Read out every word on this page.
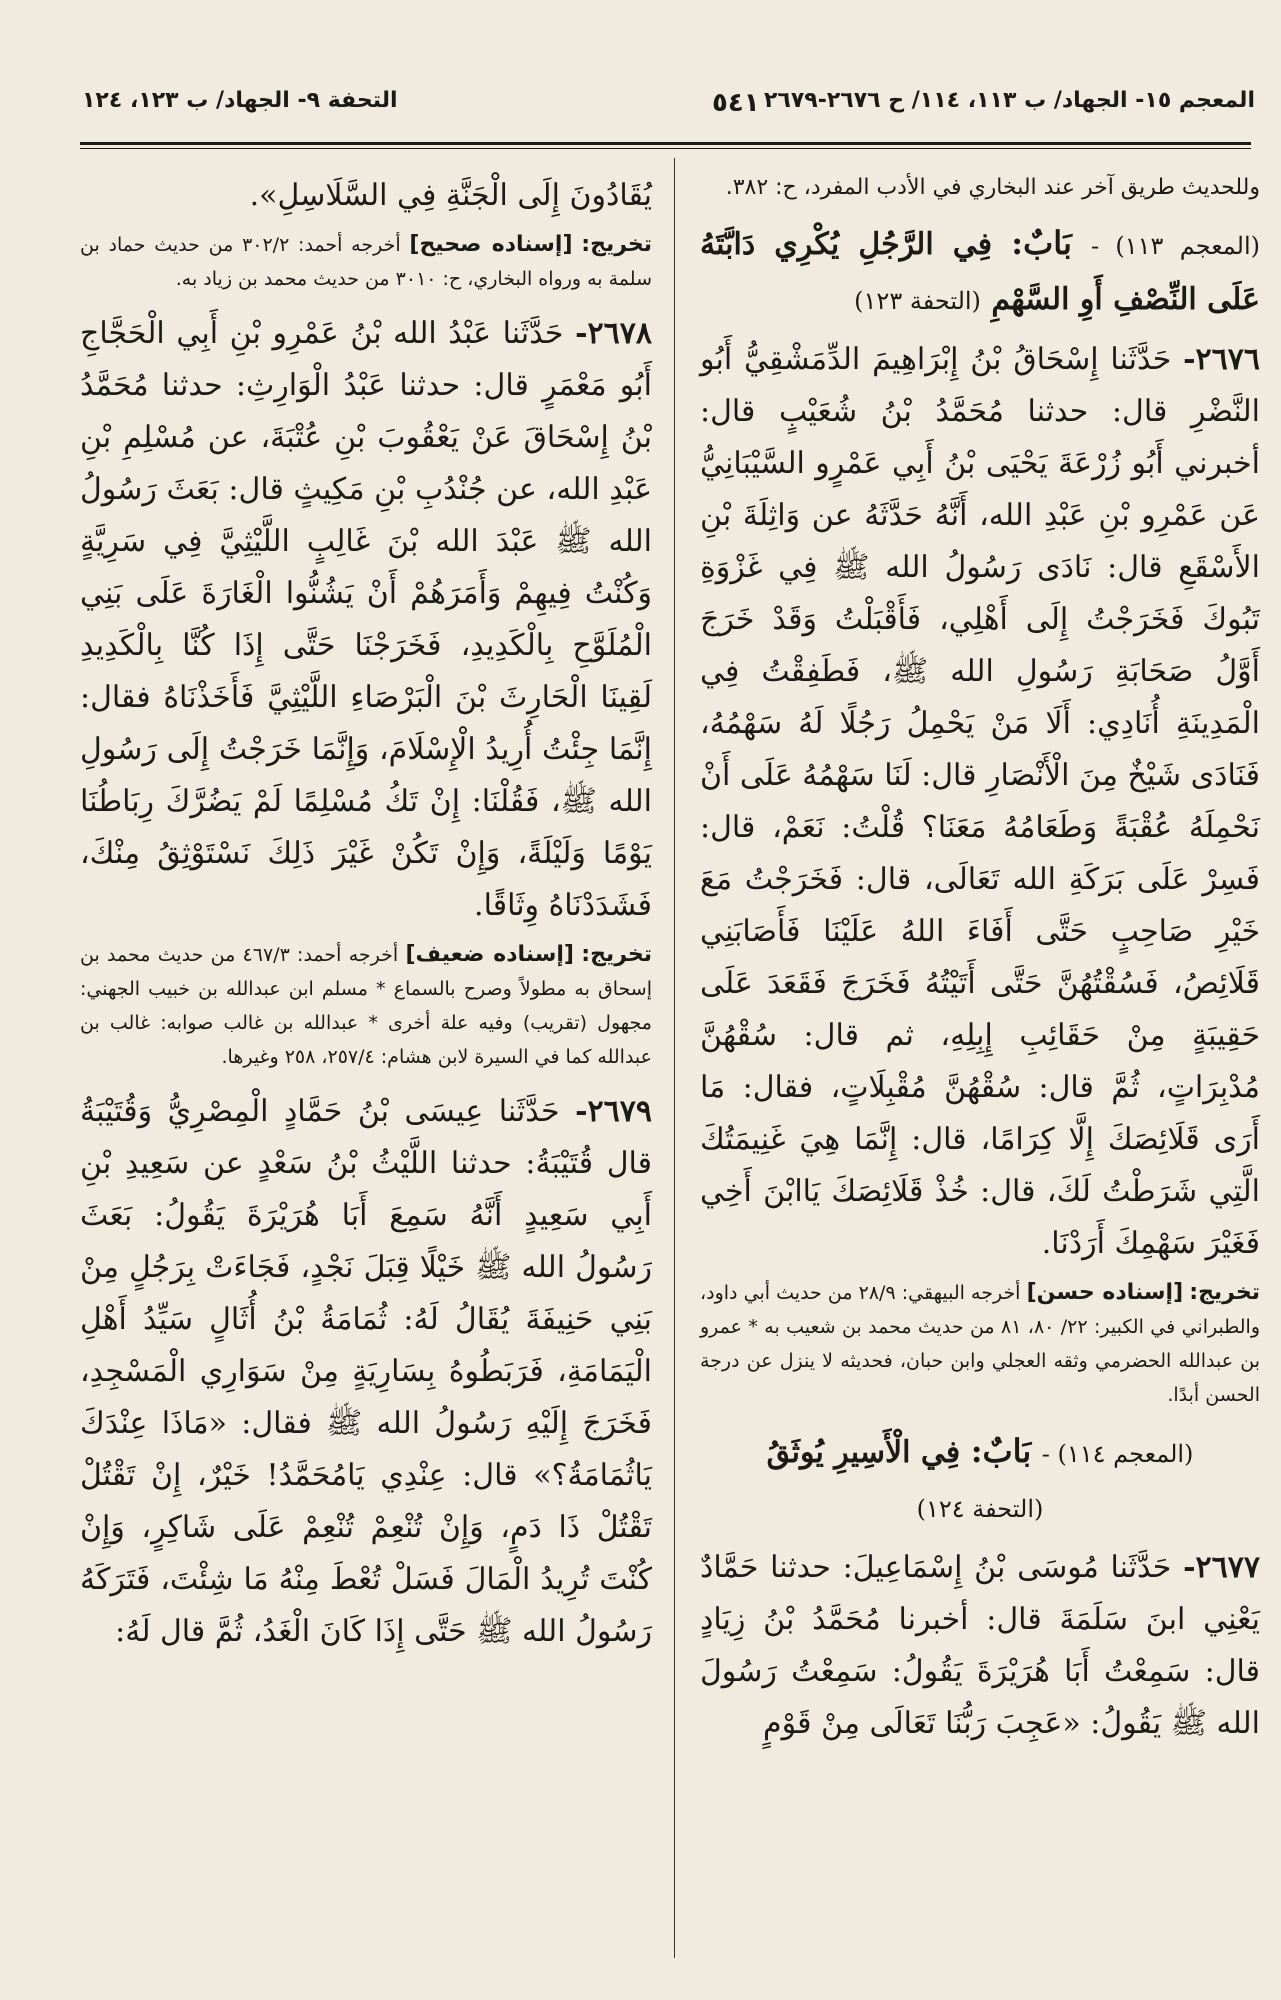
المعجم ١٥- الجهاد/ ب ١١٣، ١١٤/ ح ٢٦٧٦-٢٦٧٩
٥٤١
التحفة ٩- الجهاد/ ب ١٢٣، ١٢٤

وللحديث طريق آخر عند البخاري في الأدب المفرد، ح: ٣٨٢.

(المعجم ١١٣) - بَابٌ: فِي الرَّجُلِ يُكْرِي دَابَّتَهُ عَلَى النِّصْفِ أَوِ السَّهْمِ (التحفة ١٢٣)

٢٦٧٦- حَدَّثَنا إِسْحَاقُ بْنُ إِبْرَاهِيمَ الدِّمَشْقِيُّ أَبُو النَّضْرِ قال: حدثنا مُحَمَّدُ بْنُ شُعَيْبٍ قال: أخبرني أَبُو زُرْعَةَ يَحْيَى بْنُ أَبِي عَمْرٍو السَّيْبَانِيُّ عَن عَمْرِو بْنِ عَبْدِ الله، أَنَّهُ حَدَّثَهُ عن وَاثِلَةَ بْنِ الأَسْقَعِ قال: نَادَى رَسُولُ الله ﷺ فِي غَزْوَةِ تَبُوكَ فَخَرَجْتُ إِلَى أَهْلِي، فَأَقْبَلْتُ وَقَدْ خَرَجَ أَوَّلُ صَحَابَةِ رَسُولِ الله ﷺ، فَطَفِقْتُ فِي الْمَدِينَةِ أُنَادِي: أَلَا مَنْ يَحْمِلُ رَجُلًا لَهُ سَهْمُهُ، فَنَادَى شَيْخٌ مِنَ الْأَنْصَارِ قال: لَنَا سَهْمُهُ عَلَى أَنْ نَحْمِلَهُ عُقْبَةً وَطَعَامُهُ مَعَنَا؟ قُلْتُ: نَعَمْ، قال: فَسِرْ عَلَى بَرَكَةِ الله تَعَالَى، قال: فَخَرَجْتُ مَعَ خَيْرِ صَاحِبٍ حَتَّى أَفَاءَ اللهُ عَلَيْنَا فَأَصَابَنِي قَلَائِصُ، فَسُقْتُهُنَّ حَتَّى أَتَيْتُهُ فَخَرَجَ فَقَعَدَ عَلَى حَقِيبَةٍ مِنْ حَقَائِبِ إِبِلِهِ، ثم قال: سُقْهُنَّ مُدْبِرَاتٍ، ثُمَّ قال: سُقْهُنَّ مُقْبِلَاتٍ، فقال: مَا أَرَى قَلَائِصَكَ إِلَّا كِرَامًا، قال: إِنَّمَا هِيَ غَنِيمَتُكَ الَّتِي شَرَطْتُ لَكَ، قال: خُذْ قَلَائِصَكَ يَاابْنَ أَخِي فَغَيْرَ سَهْمِكَ أَرَدْنَا.

تخريج: [إسناده حسن] أخرجه البيهقي: ٢٨/٩ من حديث أبي داود، والطبراني في الكبير: ٢٢/ ٨٠، ٨١ من حديث محمد بن شعيب به * عمرو بن عبدالله الحضرمي وثقه العجلي وابن حبان، فحديثه لا ينزل عن درجة الحسن أبدًا.

(المعجم ١١٤) - بَابٌ: فِي الْأَسِيرِ يُوثَقُ
(التحفة ١٢٤)

٢٦٧٧- حَدَّثَنا مُوسَى بْنُ إِسْمَاعِيلَ: حدثنا حَمَّادٌ يَعْنِي ابنَ سَلَمَةَ قال: أخبرنا مُحَمَّدُ بْنُ زِيَادٍ قال: سَمِعْتُ أَبَا هُرَيْرَةَ يَقُولُ: سَمِعْتُ رَسُولَ الله ﷺ يَقُولُ: «عَجِبَ رَبُّنَا تَعَالَى مِنْ قَوْمٍ

يُقَادُونَ إِلَى الْجَنَّةِ فِي السَّلَاسِلِ».

تخريج: [إسناده صحيح] أخرجه أحمد: ٣٠٢/٢ من حديث حماد بن سلمة به ورواه البخاري، ح: ٣٠١٠ من حديث محمد بن زياد به.

٢٦٧٨- حَدَّثَنا عَبْدُ الله بْنُ عَمْرِو بْنِ أَبِي الْحَجَّاجِ أَبُو مَعْمَرٍ قال: حدثنا عَبْدُ الْوَارِثِ: حدثنا مُحَمَّدُ بْنُ إِسْحَاقَ عَنْ يَعْقُوبَ بْنِ عُتْبَةَ، عن مُسْلِمِ بْنِ عَبْدِ الله، عن جُنْدُبِ بْنِ مَكِيثٍ قال: بَعَثَ رَسُولُ الله ﷺ عَبْدَ الله بْنَ غَالِبٍ اللَّيْثِيَّ فِي سَرِيَّةٍ وَكُنْتُ فِيهِمْ وَأَمَرَهُمْ أَنْ يَشُنُّوا الْغَارَةَ عَلَى بَنِي الْمُلَوَّحِ بِالْكَدِيدِ، فَخَرَجْنَا حَتَّى إِذَا كُنَّا بِالْكَدِيدِ لَقِينَا الْحَارِثَ بْنَ الْبَرْصَاءِ اللَّيْثِيَّ فَأَخَذْنَاهُ فقال: إِنَّمَا جِئْتُ أُرِيدُ الْإِسْلَامَ، وَإِنَّمَا خَرَجْتُ إِلَى رَسُولِ الله ﷺ، فَقُلْنَا: إِنْ تَكُ مُسْلِمًا لَمْ يَضُرَّكَ رِبَاطُنَا يَوْمًا وَلَيْلَةً، وَإِنْ تَكُنْ غَيْرَ ذَلِكَ نَسْتَوْثِقُ مِنْكَ، فَشَدَدْنَاهُ وِثَاقًا.

تخريج: [إسناده ضعيف] أخرجه أحمد: ٤٦٧/٣ من حديث محمد بن إسحاق به مطولاً وصرح بالسماع * مسلم ابن عبدالله بن خبيب الجهني: مجهول (تقريب) وفيه علة أخرى * عبدالله بن غالب صوابه: غالب بن عبدالله كما في السيرة لابن هشام: ٢٥٧/٤، ٢٥٨ وغيرها.

٢٦٧٩- حَدَّثَنا عِيسَى بْنُ حَمَّادٍ الْمِصْرِيُّ وَقُتَيْبَةُ قال قُتَيْبَةُ: حدثنا اللَّيْثُ بْنُ سَعْدٍ عن سَعِيدِ بْنِ أَبِي سَعِيدٍ أَنَّهُ سَمِعَ أَبَا هُرَيْرَةَ يَقُولُ: بَعَثَ رَسُولُ الله ﷺ خَيْلًا قِبَلَ نَجْدٍ، فَجَاءَتْ بِرَجُلٍ مِنْ بَنِي حَنِيفَةَ يُقَالُ لَهُ: ثُمَامَةُ بْنُ أُثَالٍ سَيِّدُ أَهْلِ الْيَمَامَةِ، فَرَبَطُوهُ بِسَارِيَةٍ مِنْ سَوَارِي الْمَسْجِدِ، فَخَرَجَ إِلَيْهِ رَسُولُ الله ﷺ فقال: «مَاذَا عِنْدَكَ يَاثُمَامَةُ؟» قال: عِنْدِي يَامُحَمَّدُ! خَيْرٌ، إِنْ تَقْتُلْ تَقْتُلْ ذَا دَمٍ، وَإِنْ تُنْعِمْ تُنْعِمْ عَلَى شَاكِرٍ، وَإِنْ كُنْتَ تُرِيدُ الْمَالَ فَسَلْ تُعْطَ مِنْهُ مَا شِئْتَ، فَتَرَكَهُ رَسُولُ الله ﷺ حَتَّى إِذَا كَانَ الْغَدُ، ثُمَّ قال لَهُ:
